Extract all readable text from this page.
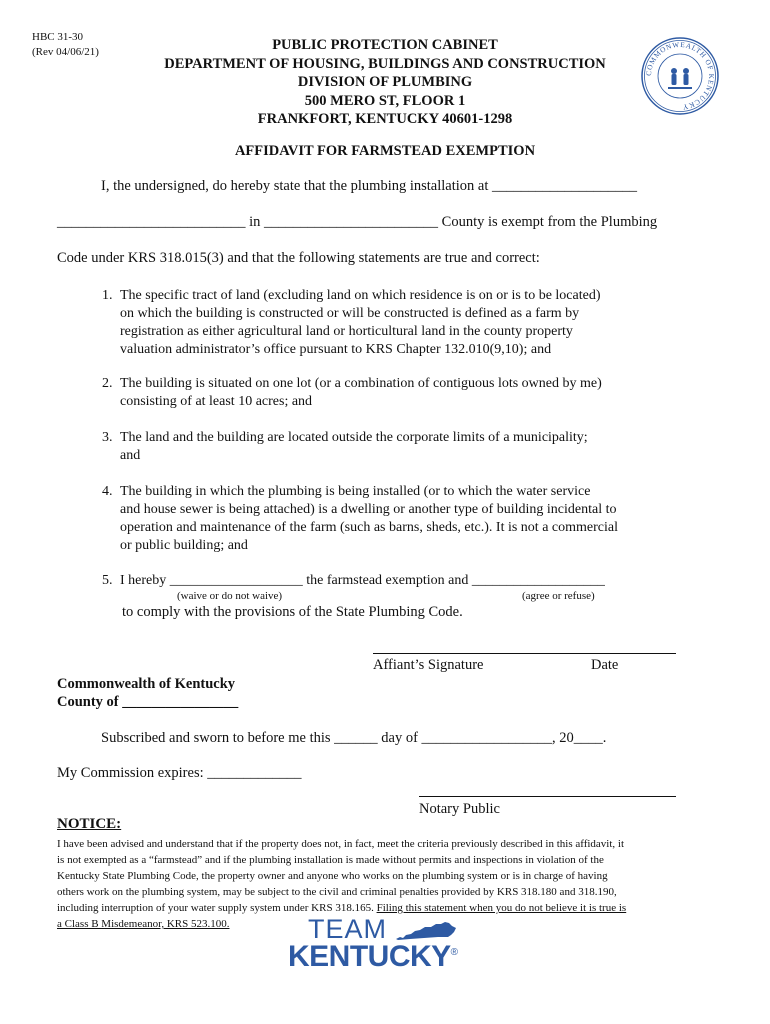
HBC 31-30
(Rev 04/06/21)	PUBLIC PROTECTION CABINET
DEPARTMENT OF HOUSING, BUILDINGS AND CONSTRUCTION
DIVISION OF PLUMBING
500 MERO ST, FLOOR 1
FRANKFORT, KENTUCKY 40601-1298
COMMONWEALTH OF KENTUCKY
AFFIDAVIT FOR FARMSTEAD EXEMPTION
I, the undersigned, do hereby state that the plumbing installation at ____________________
__________________________ in ________________________ County is exempt from the Plumbing
Code under KRS 318.015(3) and that the following statements are true and correct:
1. The specific tract of land (excluding land on which residence is on or is to be located)
on which the building is constructed or will be constructed is defined as a farm by
registration as either agricultural land or horticultural land in the county property
valuation administrator’s office pursuant to KRS Chapter 132.010(9,10); and
2. The building is situated on one lot (or a combination of contiguous lots owned by me)
consisting of at least 10 acres; and
3. The land and the building are located outside the corporate limits of a municipality;
and
4. The building in which the plumbing is being installed (or to which the water service
and house sewer is being attached) is a dwelling or another type of building incidental to
operation and maintenance of the farm (such as barns, sheds, etc.). It is not a commercial
or public building; and
5. I hereby ___________________ the farmstead exemption and ___________________
(waive or do not waive)	(agree or refuse)
to comply with the provisions of the State Plumbing Code.
Affiant’s Signature	Date
Commonwealth of Kentucky
County of ________________
Subscribed and sworn to before me this ______ day of __________________, 20____.
My Commission expires: _____________
Notary Public
NOTICE:
I have been advised and understand that if the property does not, in fact, meet the criteria previously described in this affidavit, it
is not exempted as a “farmstead” and if the plumbing installation is made without permits and inspections in violation of the
Kentucky State Plumbing Code, the property owner and anyone who works on the plumbing system or is in charge of having
others work on the plumbing system, may be subject to the civil and criminal penalties provided by KRS 318.180 and 318.190,
including interruption of your water supply system under KRS 318.165. Filing this statement when you do not believe it is true is
a Class B Misdemeanor, KRS 523.100.	TEAM
KENTUCKY®
